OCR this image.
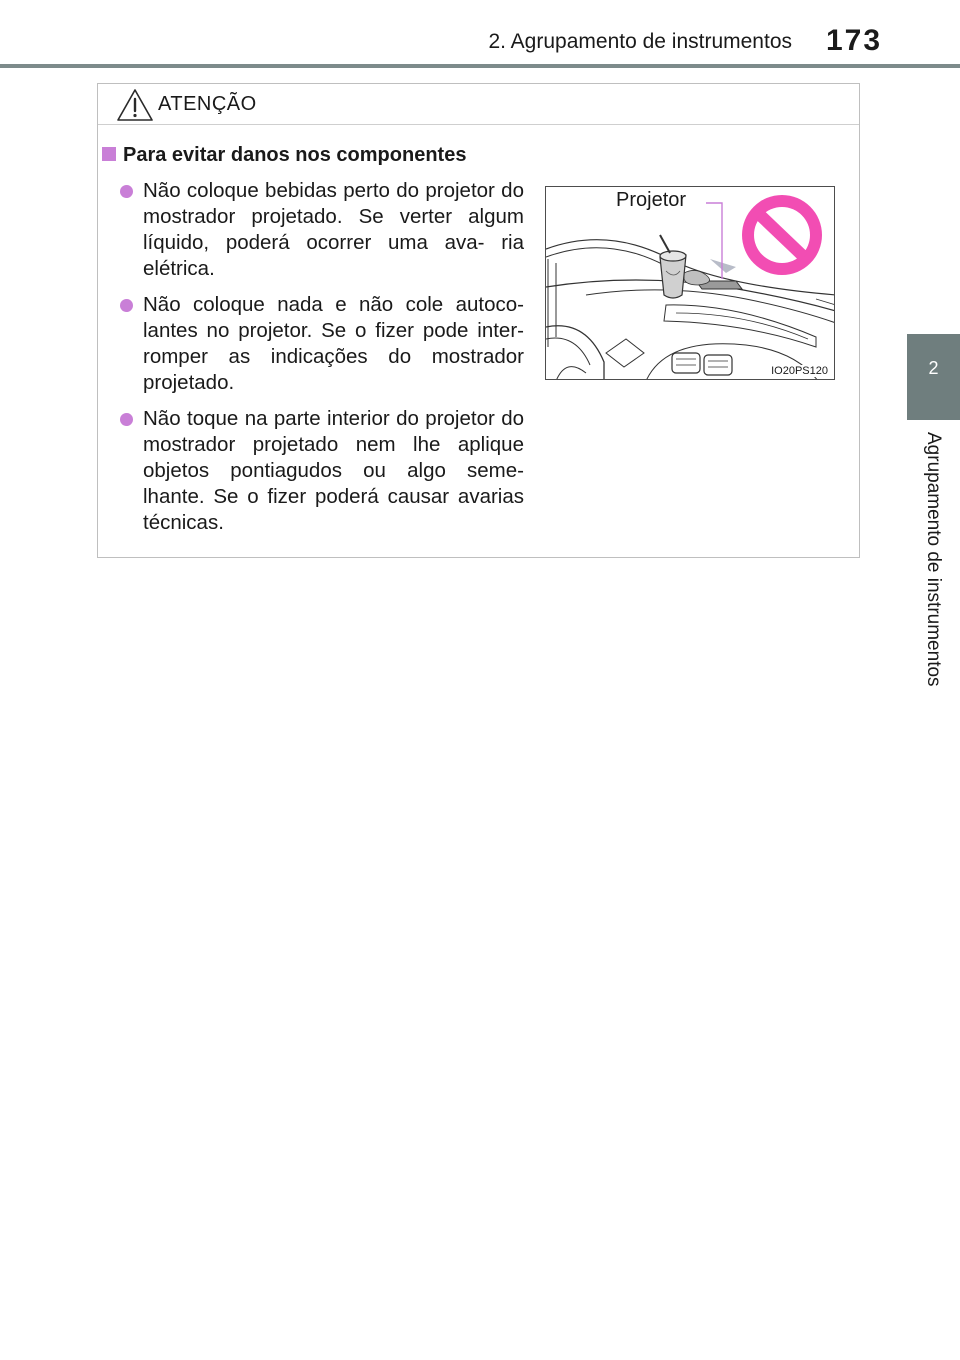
2. Agrupamento de instrumentos 173
2
Agrupamento de instrumentos
ATENÇÃO
Para evitar danos nos componentes
Não coloque bebidas perto do projetor do mostrador projetado. Se verter algum líquido, poderá ocorrer uma ava- ria elétrica.
Não coloque nada e não cole autoco- lantes no projetor. Se o fizer pode inter- romper as indicações do mostrador projetado.
Não toque na parte interior do projetor do mostrador projetado nem lhe aplique objetos pontiagudos ou algo seme- lhante. Se o fizer poderá causar avarias técnicas.
Projetor
IO20PS120
